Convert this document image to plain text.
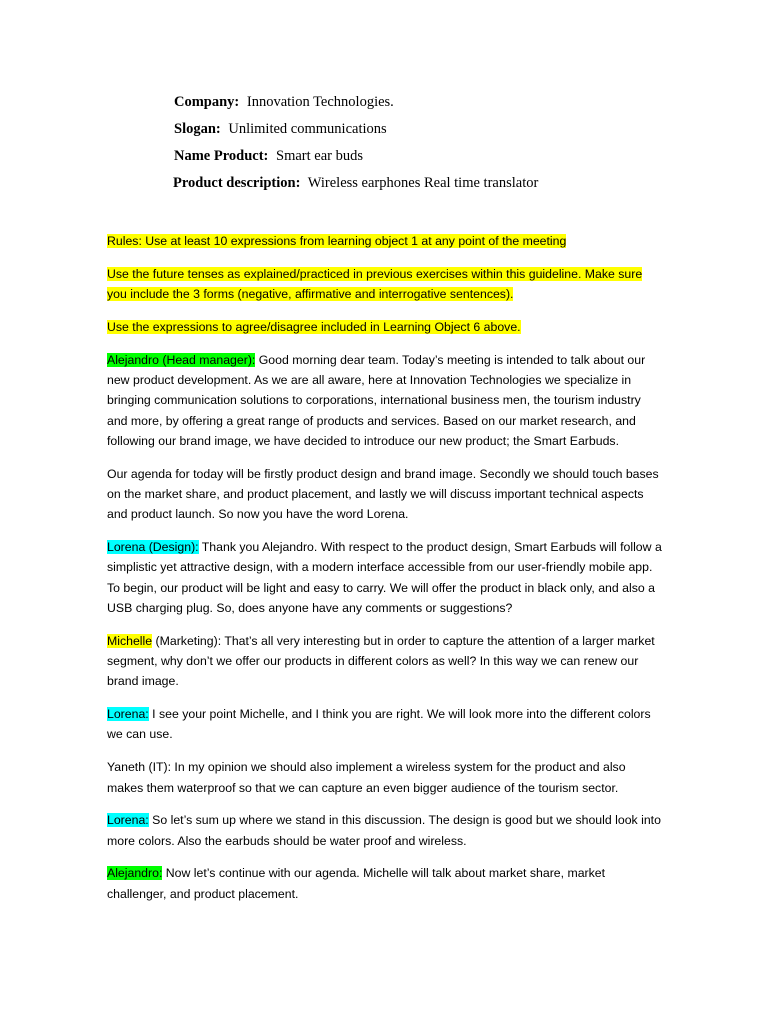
Company: Innovation Technologies.
Slogan: Unlimited communications
Name Product: Smart ear buds
Product description: Wireless earphones Real time translator

Rules: Use at least 10 expressions from learning object 1 at any point of the meeting

Use the future tenses as explained/practiced in previous exercises within this guideline. Make sure you include the 3 forms (negative, affirmative and interrogative sentences).

Use the expressions to agree/disagree included in Learning Object 6 above.

Alejandro (Head manager): Good morning dear team. Today’s meeting is intended to talk about our new product development. As we are all aware, here at Innovation Technologies we specialize in bringing communication solutions to corporations, international business men, the tourism industry and more, by offering a great range of products and services. Based on our market research, and following our brand image, we have decided to introduce our new product; the Smart Earbuds.

Our agenda for today will be firstly product design and brand image. Secondly we should touch bases on the market share, and product placement, and lastly we will discuss important technical aspects and product launch. So now you have the word Lorena.

Lorena (Design): Thank you Alejandro. With respect to the product design, Smart Earbuds will follow a simplistic yet attractive design, with a modern interface accessible from our user-friendly mobile app. To begin, our product will be light and easy to carry. We will offer the product in black only, and also a USB charging plug. So, does anyone have any comments or suggestions?

Michelle (Marketing): That’s all very interesting but in order to capture the attention of a larger market segment, why don’t we offer our products in different colors as well? In this way we can renew our brand image.

Lorena: I see your point Michelle, and I think you are right. We will look more into the different colors we can use.

Yaneth (IT): In my opinion we should also implement a wireless system for the product and also makes them waterproof so that we can capture an even bigger audience of the tourism sector.

Lorena: So let’s sum up where we stand in this discussion. The design is good but we should look into more colors. Also the earbuds should be water proof and wireless.

Alejandro: Now let’s continue with our agenda. Michelle will talk about market share, market challenger, and product placement.
